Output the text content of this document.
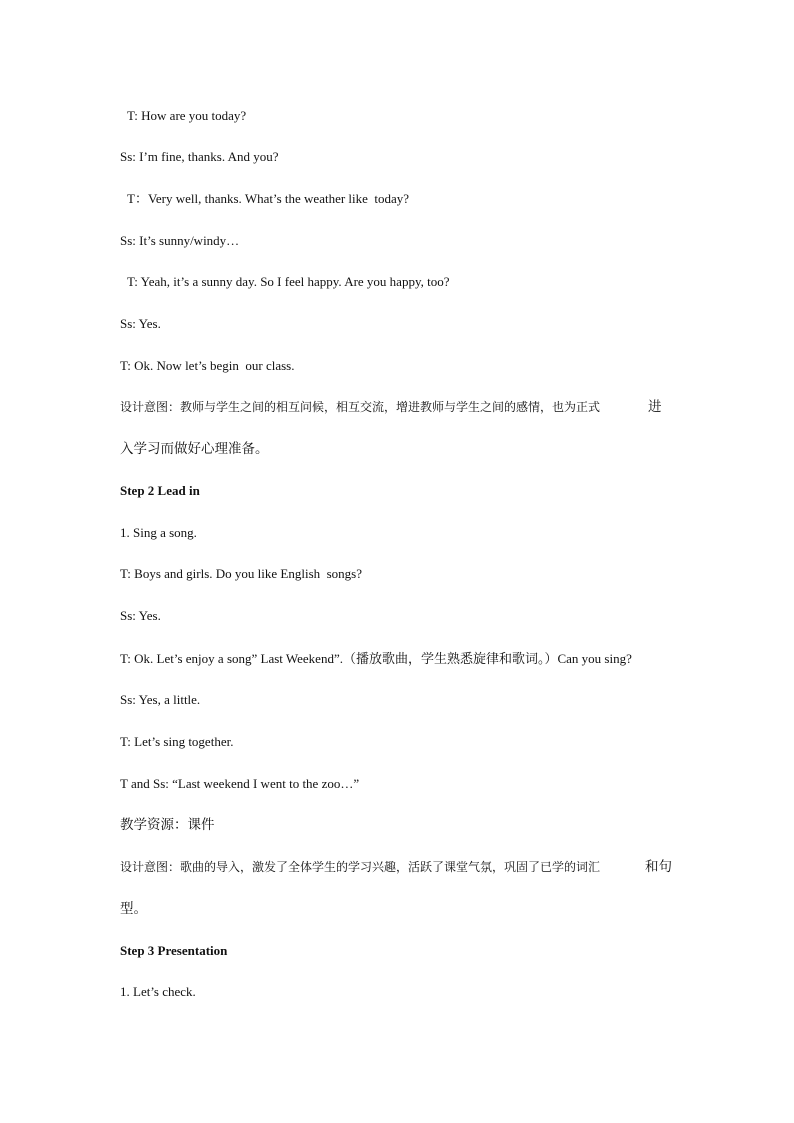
T: How are you today?
Ss: I’m fine, thanks. And you?
T：Very well, thanks. What’s the weather like  today?
Ss: It’s sunny/windy…
T: Yeah, it’s a sunny day. So I feel happy. Are you happy, too?
Ss: Yes.
T: Ok. Now let’s begin  our class.
设计意图：教师与学生之间的相互问候，相互交流，增进教师与学生之间的感情，也为正式	进
入学习而做好心理准备。
Step 2 Lead in
1. Sing a song.
T: Boys and girls. Do you like English  songs?
Ss: Yes.
T: Ok. Let’s enjoy a song” Last Weekend”.（播放歌曲，学生熟悉旋律和歌词。）Can you sing?
Ss: Yes, a little.
T: Let’s sing together.
T and Ss: “Last weekend I went to the zoo…”
教学资源：课件
设计意图：歌曲的导入，激发了全体学生的学习兴趣，活跃了课堂气氛，巩固了已学的词汇	和句
型。
Step 3 Presentation
1. Let’s check.
